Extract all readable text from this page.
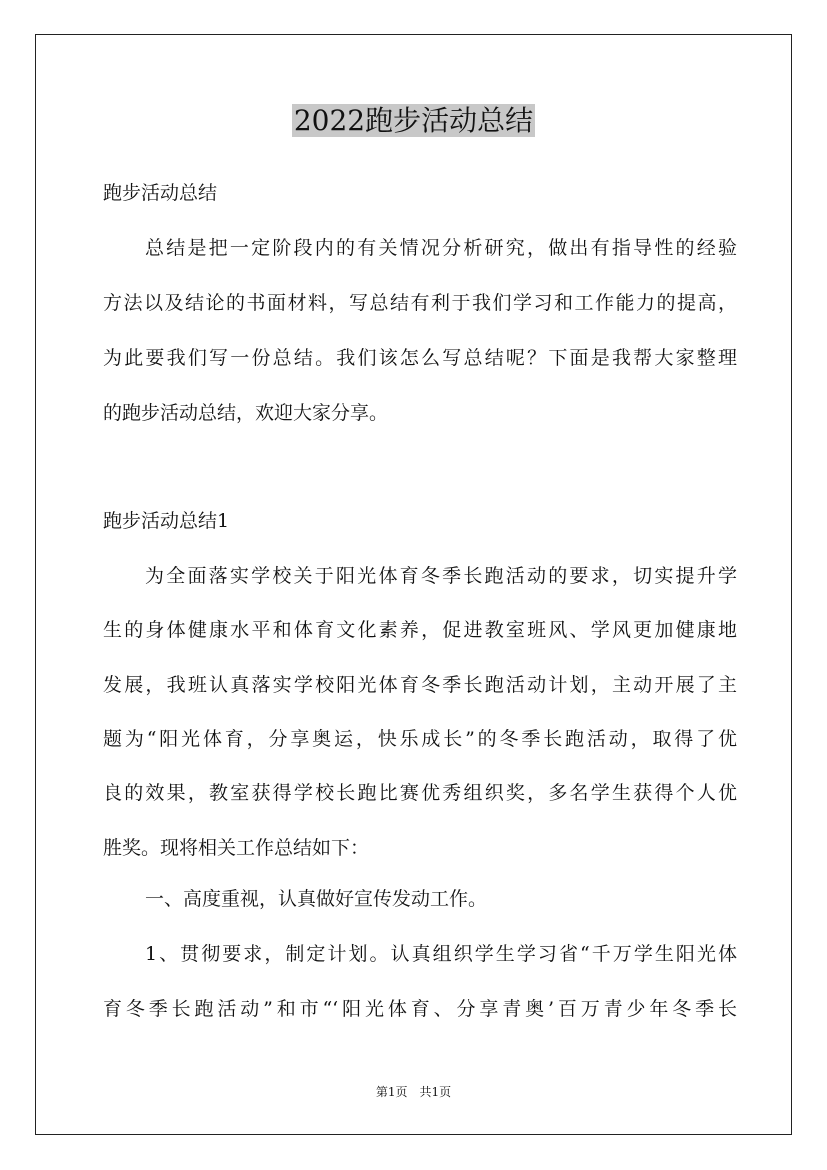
2022跑步活动总结
跑步活动总结
总结是把一定阶段内的有关情况分析研究，做出有指导性的经验
方法以及结论的书面材料，写总结有利于我们学习和工作能力的提高，
为此要我们写一份总结。我们该怎么写总结呢？下面是我帮大家整理
的跑步活动总结，欢迎大家分享。
跑步活动总结1
为全面落实学校关于阳光体育冬季长跑活动的要求，切实提升学
生的身体健康水平和体育文化素养，促进教室班风、学风更加健康地
发展，我班认真落实学校阳光体育冬季长跑活动计划，主动开展了主
题为“阳光体育，分享奥运，快乐成长”的冬季长跑活动，取得了优
良的效果，教室获得学校长跑比赛优秀组织奖，多名学生获得个人优
胜奖。现将相关工作总结如下：
一、高度重视，认真做好宣传发动工作。
1、贯彻要求，制定计划。认真组织学生学习省“千万学生阳光体
育冬季长跑活动”和市“‘阳光体育、分享青奥’百万青少年冬季长
第1页　共1页
